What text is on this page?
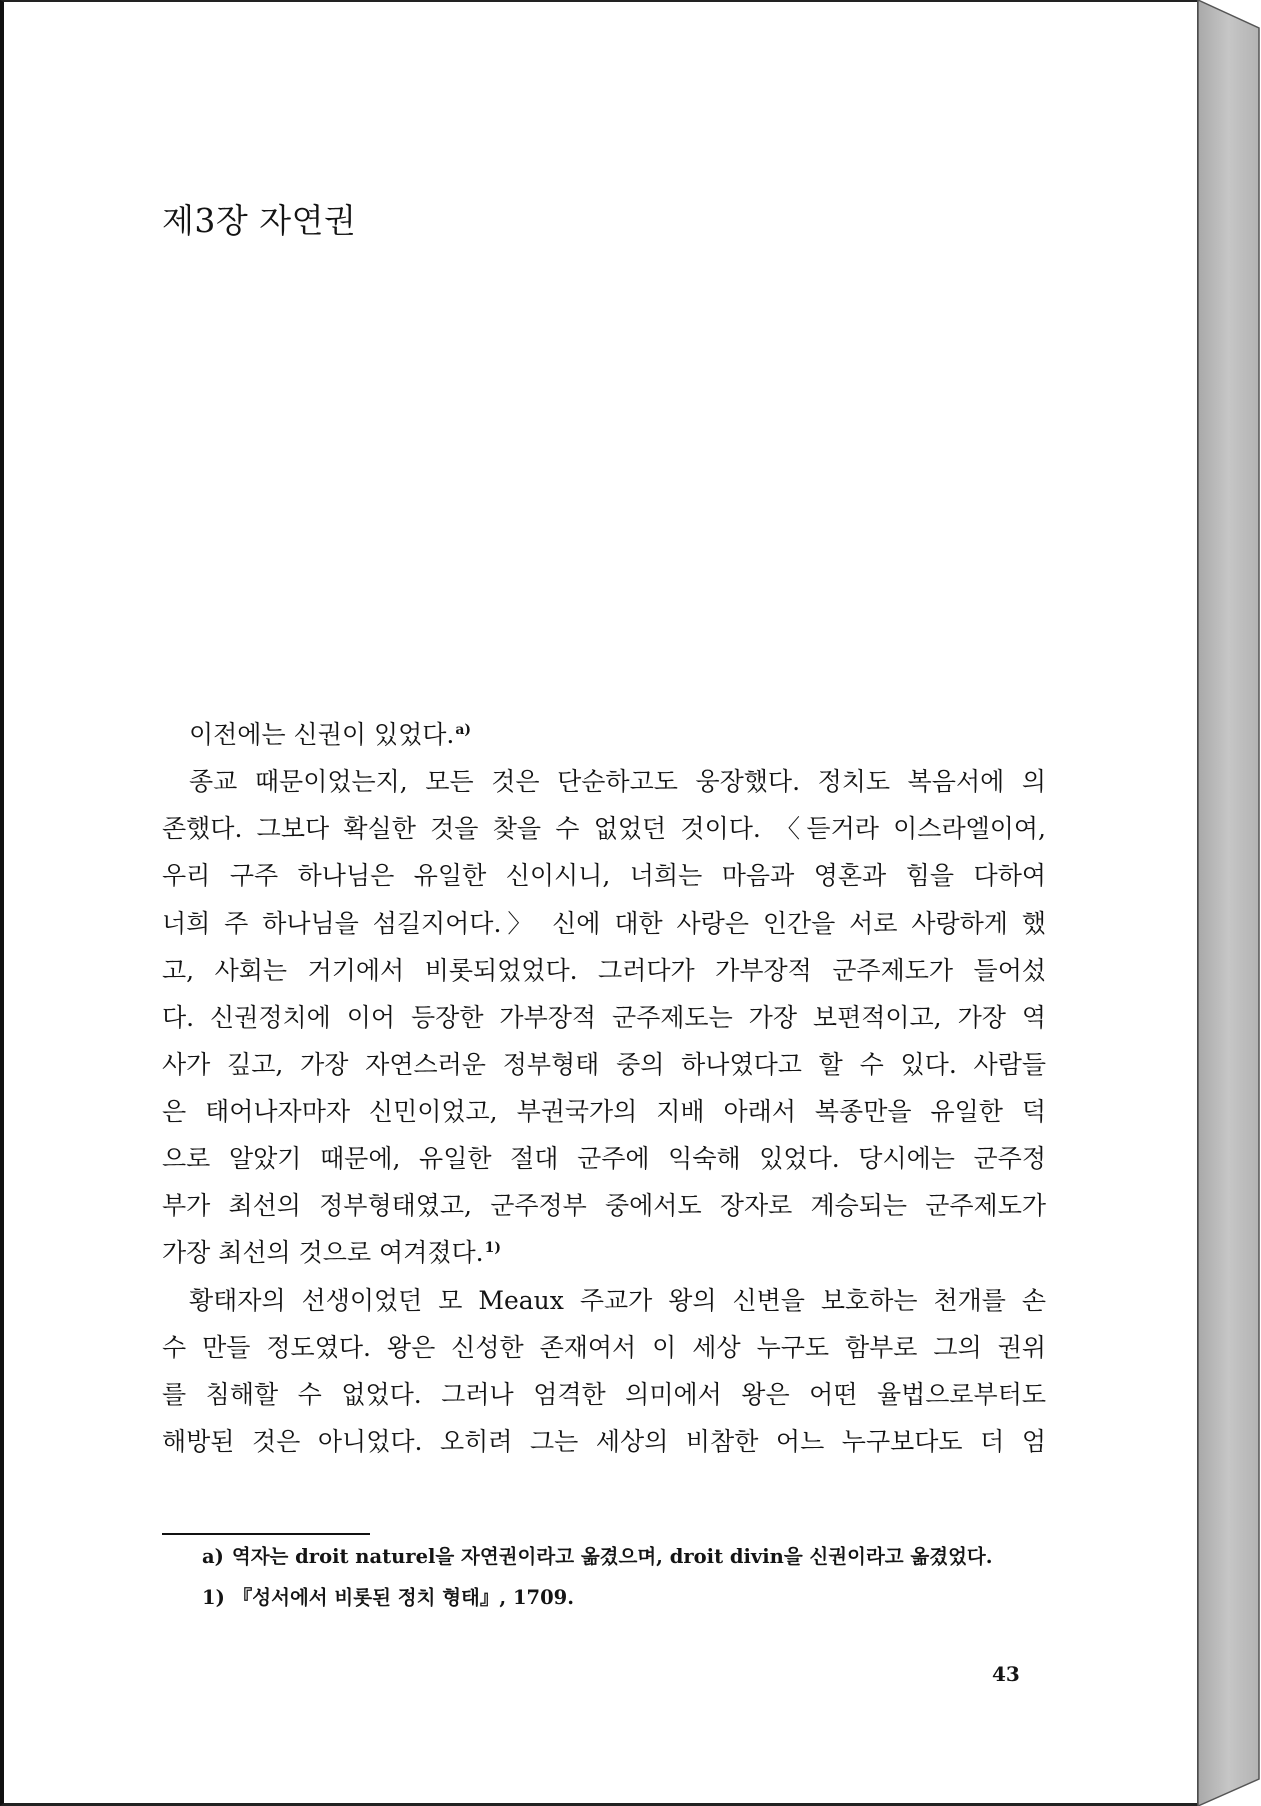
제3장 자연권
이전에는 신권이 있었다.$^{a)}$
종교 때문이었는지, 모든 것은 단순하고도 웅장했다. 정치도 복음서에 의
존했다. 그보다 확실한 것을 찾을 수 없었던 것이다. 〈듣거라 이스라엘이여,
우리 구주 하나님은 유일한 신이시니, 너희는 마음과 영혼과 힘을 다하여
너희 주 하나님을 섬길지어다.〉 신에 대한 사랑은 인간을 서로 사랑하게 했
고, 사회는 거기에서 비롯되었었다. 그러다가 가부장적 군주제도가 들어섰
다. 신권정치에 이어 등장한 가부장적 군주제도는 가장 보편적이고, 가장 역
사가 깊고, 가장 자연스러운 정부형태 중의 하나였다고 할 수 있다. 사람들
은 태어나자마자 신민이었고, 부권국가의 지배 아래서 복종만을 유일한 덕
으로 알았기 때문에, 유일한 절대 군주에 익숙해 있었다. 당시에는 군주정
부가 최선의 정부형태였고, 군주정부 중에서도 장자로 계승되는 군주제도가
가장 최선의 것으로 여겨졌다.$^{1)}$
황태자의 선생이었던 모 Meaux 주교가 왕의 신변을 보호하는 천개를 손
수 만들 정도였다. 왕은 신성한 존재여서 이 세상 누구도 함부로 그의 권위
를 침해할 수 없었다. 그러나 엄격한 의미에서 왕은 어떤 율법으로부터도
해방된 것은 아니었다. 오히려 그는 세상의 비참한 어느 누구보다도 더 엄
a) 역자는 droit naturel을 자연권이라고 옮겼으며, droit divin을 신권이라고 옮겼었다.
1) 『성서에서 비롯된 정치 형태』, 1709.
43
